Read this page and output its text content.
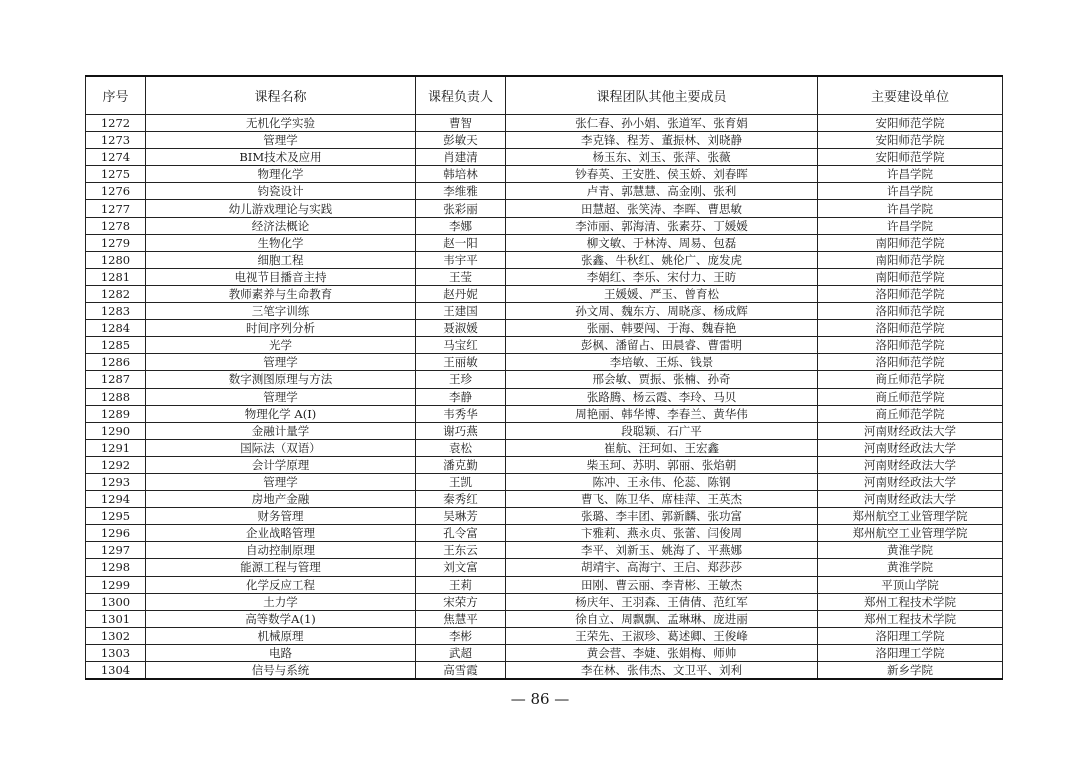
序号	课程名称	课程负责人	课程团队其他主要成员	主要建设单位
1272	无机化学实验	曹智	张仁春、孙小娟、张道军、张育娟	安阳师范学院
1273	管理学	彭敏天	李克锋、程芳、董振林、刘晓静	安阳师范学院
1274	BIM技术及应用	肖建清	杨玉东、刘玉、张萍、张薇	安阳师范学院
1275	物理化学	韩培林	钞春英、王安胜、侯玉娇、刘春晖	许昌学院
1276	钧瓷设计	李维雅	卢青、郭慧慧、高金刚、张利	许昌学院
1277	幼儿游戏理论与实践	张彩丽	田慧超、张笑涛、李晖、曹思敏	许昌学院
1278	经济法概论	李娜	李沛丽、郭海清、张素芬、丁媛媛	许昌学院
1279	生物化学	赵一阳	柳文敏、于林涛、周易、包磊	南阳师范学院
1280	细胞工程	韦宇平	张鑫、牛秋红、姚伦广、庞发虎	南阳师范学院
1281	电视节目播音主持	王莹	李娟红、李乐、宋付力、王昉	南阳师范学院
1282	教师素养与生命教育	赵丹妮	王媛媛、严玉、曾育松	洛阳师范学院
1283	三笔字训练	王建国	孙文周、魏东方、周晓彦、杨成辉	洛阳师范学院
1284	时间序列分析	聂淑媛	张丽、韩要闯、于海、魏春艳	洛阳师范学院
1285	光学	马宝红	彭枫、潘留占、田晨睿、曹雷明	洛阳师范学院
1286	管理学	王丽敏	李培敏、王烁、钱景	洛阳师范学院
1287	数字测图原理与方法	王珍	邢会敏、贾振、张楠、孙奇	商丘师范学院
1288	管理学	李静	张路腾、杨云霞、李玲、马贝	商丘师范学院
1289	物理化学 A(I)	韦秀华	周艳丽、韩华博、李春兰、黄华伟	商丘师范学院
1290	金融计量学	谢巧燕	段聪颖、石广平	河南财经政法大学
1291	国际法（双语）	袁松	崔航、汪珂如、王宏鑫	河南财经政法大学
1292	会计学原理	潘克勤	柴玉珂、苏明、郭丽、张焰朝	河南财经政法大学
1293	管理学	王凯	陈冲、王永伟、伦蕊、陈钢	河南财经政法大学
1294	房地产金融	秦秀红	曹飞、陈卫华、席桂萍、王英杰	河南财经政法大学
1295	财务管理	吴琳芳	张璐、李丰团、郭新麟、张功富	郑州航空工业管理学院
1296	企业战略管理	孔令富	卞雅莉、燕永贞、张蕾、闫俊周	郑州航空工业管理学院
1297	自动控制原理	王东云	李平、刘新玉、姚海了、平燕娜	黄淮学院
1298	能源工程与管理	刘文富	胡靖宇、高海宁、王启、郑莎莎	黄淮学院
1299	化学反应工程	王莉	田刚、曹云丽、李青彬、王敏杰	平顶山学院
1300	土力学	宋荣方	杨庆年、王羽森、王倩倩、范红军	郑州工程技术学院
1301	高等数学A(1)	焦慧平	徐自立、周飘飘、孟琳琳、庞进丽	郑州工程技术学院
1302	机械原理	李彬	王荣先、王淑珍、葛述卿、王俊峰	洛阳理工学院
1303	电路	武超	黄会营、李婕、张娟梅、师帅	洛阳理工学院
1304	信号与系统	高雪霞	李在林、张伟杰、文卫平、刘利	新乡学院
— 86 —
